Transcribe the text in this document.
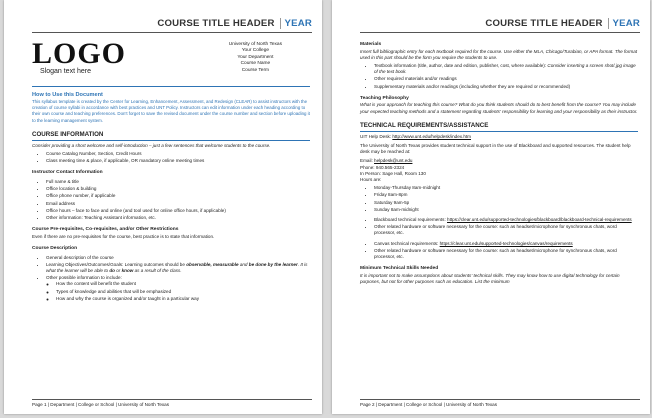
COURSE TITLE HEADER YEAR
LOGO
Slogan text here
University of North Texas
Your College
Your Department
Course Name
Course Term
How to Use this Document

This syllabus template is created by the Center for Learning, Enhancement, Assessment, and Redesign (CLEAR) to assist instructors with the creation of course syllabi in accordance with best practices and UNT Policy. Instructors can edit information under each heading according to their own course and teaching preferences. Don't forget to save the revised document under the course number and section before uploading it to the learning management system.

COURSE INFORMATION

Consider providing a short welcome and self-introduction – just a few sentences that welcome students to the course.

• Course Catalog Number, Section, Credit Hours
• Class meeting time & place, if applicable, OR mandatory online meeting times
Instructor Contact Information
• Full name & title
• Office location & building
• Office phone number, if applicable
• Email address
• Office hours – face to face and online (and tool used for online office hours, if applicable)
• Other information: Teaching Assistant information, etc.
Course Pre-requisites, Co-requisites, and/or Other Restrictions

Even if there are no pre-requisites for the course, best practice is to state that information.

Course Description
• General description of the course
• Learning Objectives/Outcomes/Goals: Learning outcomes should be observable, measurable and be done by the learner. It is what the learner will be able to do or know as a result of the class.
• Other possible information to include:
◦ How the content will benefit the student
◦ Types of knowledge and abilities that will be emphasized
◦ How and why the course is organized and/or taught in a particular way
Page 1 | Department | College or School | University of North Texas
COURSE TITLE HEADER YEAR
Materials

Insert full bibliographic entry for each textbook required for the course. Use either the MLA, Chicago/Turabian, or APA format. The format used in this part should be the form you require the students to use.

• Textbook information (title, author, date and edition, publisher, cost, where available): Consider inserting a screen shot/.jpg image of the text book.
• Other required materials and/or readings
• Supplementary materials and/or readings (including whether they are required or recommended)
Teaching Philosophy

What is your approach for teaching this course? What do you think students should do to best benefit from the course? You may include your expected teaching methods and a statement regarding students' responsibility for learning and your responsibility as their instructor.

TECHNICAL REQUIREMENTS/ASSISTANCE

UIT Help Desk: http://www.unt.edu/helpdesk/index.htm

The University of North Texas provides student technical support in the use of Blackboard and supported resources. The student help desk may be reached at:

Email: helpdesk@unt.edu

Phone: 940.565-2324

In Person: Sage Hall, Room 130

Hours are:

• Monday-Thursday 8am-midnight
• Friday 8am-8pm
• Saturday 9am-5p
• Sunday 8am-midnight
• Blackboard technical requirements: https://clear.unt.edu/supported-technologies/blackboard/blackboard-technical-requirements
• Other related hardware or software necessary for the course: such as headset/microphone for synchronous chats, word processor, etc.
• Canvas technical requirements: https://clear.unt.edu/supported-technologies/canvas/requirements
• Other related hardware or software necessary for the course: such as headset/microphone for synchronous chats, word processor, etc.
Minimum Technical Skills Needed

It is important not to make assumptions about students' technical skills. They may know how to use digital technology for certain purposes, but not for other purposes such as education. List the minimum

Page 2 | Department | College or School | University of North Texas
